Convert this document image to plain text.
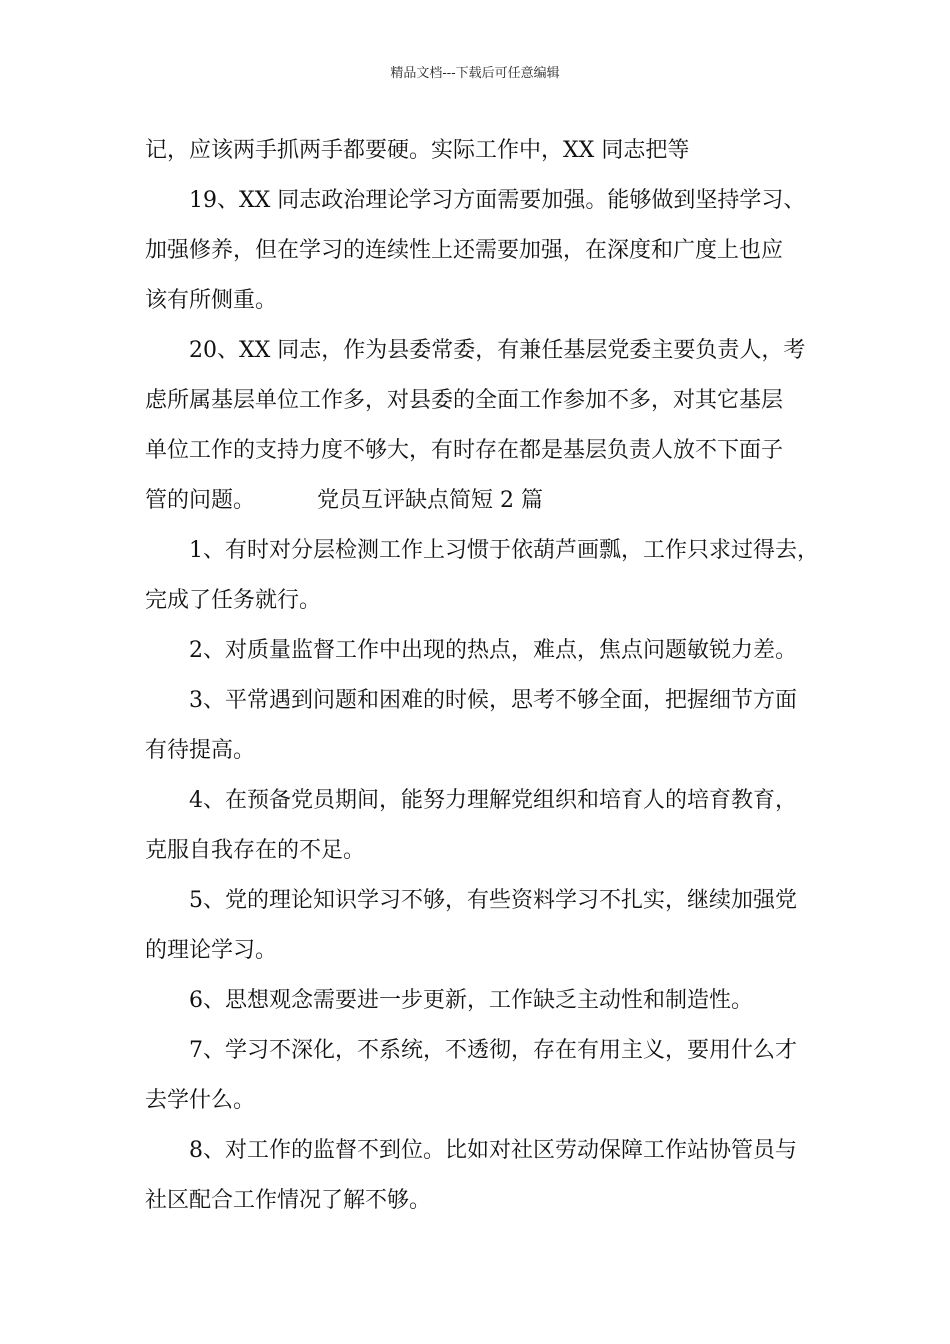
精品文档---下载后可任意编辑
记，应该两手抓两手都要硬。实际工作中，XX 同志把等
19、XX 同志政治理论学习方面需要加强。能够做到坚持学习、
加强修养，但在学习的连续性上还需要加强，在深度和广度上也应
该有所侧重。
20、XX 同志，作为县委常委，有兼任基层党委主要负责人，考
虑所属基层单位工作多，对县委的全面工作参加不多，对其它基层
单位工作的支持力度不够大，有时存在都是基层负责人放不下面子
管的问题。	党员互评缺点简短 2 篇
1、有时对分层检测工作上习惯于依葫芦画瓢，工作只求过得去，
完成了任务就行。
2、对质量监督工作中出现的热点，难点，焦点问题敏锐力差。
3、平常遇到问题和困难的时候，思考不够全面，把握细节方面
有待提高。
4、在预备党员期间，能努力理解党组织和培育人的培育教育，
克服自我存在的不足。
5、党的理论知识学习不够，有些资料学习不扎实，继续加强党
的理论学习。
6、思想观念需要进一步更新，工作缺乏主动性和制造性。
7、学习不深化，不系统，不透彻，存在有用主义，要用什么才
去学什么。
8、对工作的监督不到位。比如对社区劳动保障工作站协管员与
社区配合工作情况了解不够。
